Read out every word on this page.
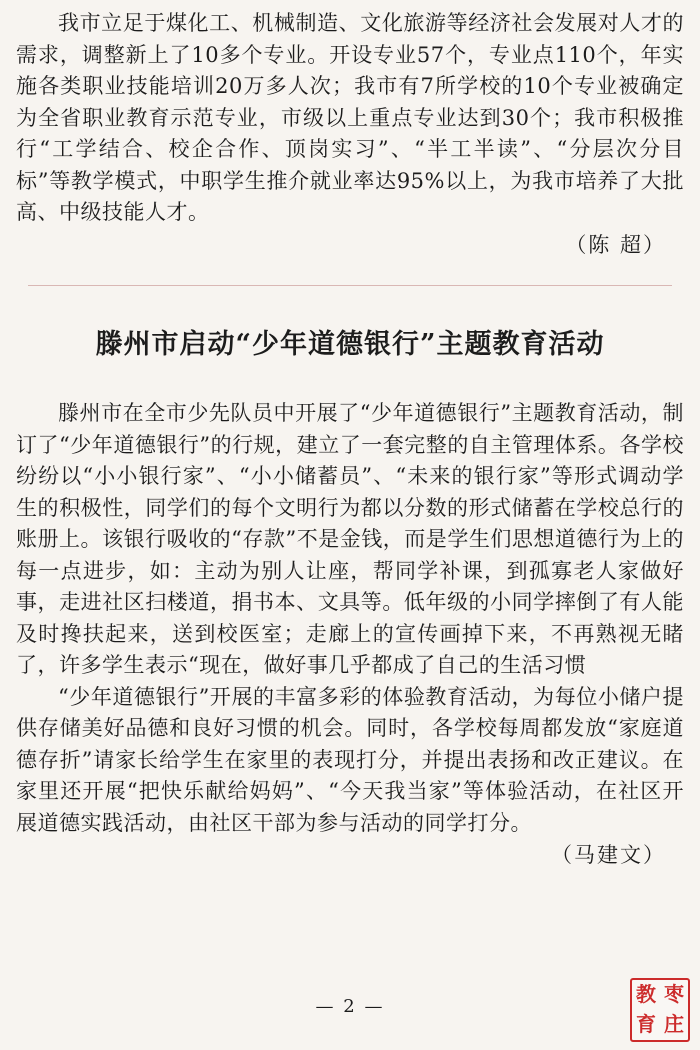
我市立足于煤化工、机械制造、文化旅游等经济社会发展对人才的需求，调整新上了10多个专业。开设专业57个，专业点110个，年实施各类职业技能培训20万多人次；我市有7所学校的10个专业被确定为全省职业教育示范专业，市级以上重点专业达到30个；我市积极推行“工学结合、校企合作、顶岗实习”、“半工半读”、“分层次分目标”等教学模式，中职学生推介就业率达95%以上，为我市培养了大批高、中级技能人才。

（陈 超）
滕州市启动“少年道德银行”主题教育活动

滕州市在全市少先队员中开展了“少年道德银行”主题教育活动，制订了“少年道德银行”的行规，建立了一套完整的自主管理体系。各学校纷纷以“小小银行家”、“小小储蓄员”、“未来的银行家”等形式调动学生的积极性，同学们的每个文明行为都以分数的形式储蓄在学校总行的账册上。该银行吸收的“存款”不是金钱，而是学生们思想道德行为上的每一点进步，如：主动为别人让座，帮同学补课，到孤寡老人家做好事，走进社区扫楼道，捐书本、文具等。低年级的小同学摔倒了有人能及时搀扶起来，送到校医室；走廊上的宣传画掉下来，不再熟视无睹了，许多学生表示“现在，做好事几乎都成了自己的生活习惯

“少年道德银行”开展的丰富多彩的体验教育活动，为每位小储户提供存储美好品德和良好习惯的机会。同时，各学校每周都发放“家庭道德存折”请家长给学生在家里的表现打分，并提出表扬和改正建议。在家里还开展“把快乐献给妈妈”、“今天我当家”等体验活动，在社区开展道德实践活动，由社区干部为参与活动的同学打分。

（马建文）
— 2 —
教 枣
育 庄
